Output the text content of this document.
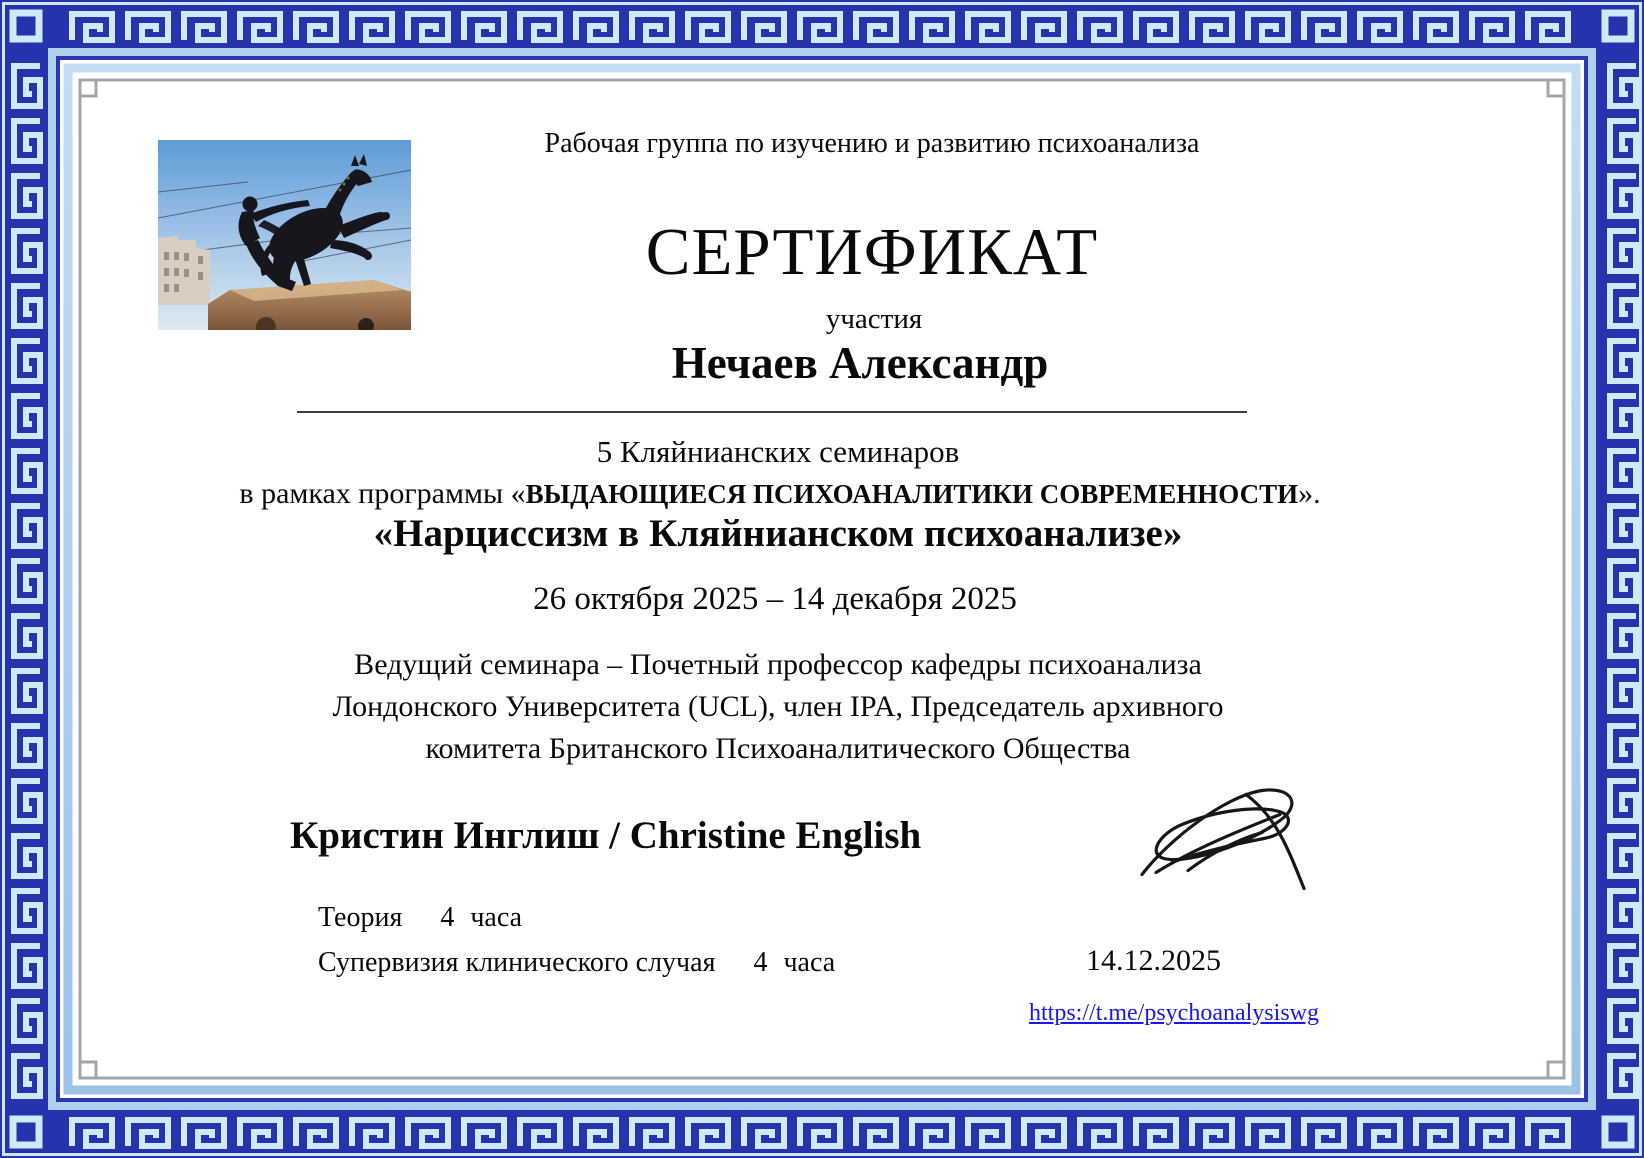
Рабочая группа по изучению и развитию психоанализа
СЕРТИФИКАТ
участия
Нечаев Александр
5 Кляйнианских семинаров
в рамках программы «ВЫДАЮЩИЕСЯ ПСИХОАНАЛИТИКИ СОВРЕМЕННОСТИ».
«Нарциссизм в Кляйнианском психоанализе»
26 октября 2025 – 14 декабря 2025
Ведущий семинара – Почетный профессор кафедры психоанализа
Лондонского Университета (UCL), член IPA, Председатель архивного
комитета Британского Психоаналитического Общества
Кристин Инглиш / Christine English
Теория 4 часа
Супервизия клинического случая 4 часа	14.12.2025
https://t.me/psychoanalysiswg
